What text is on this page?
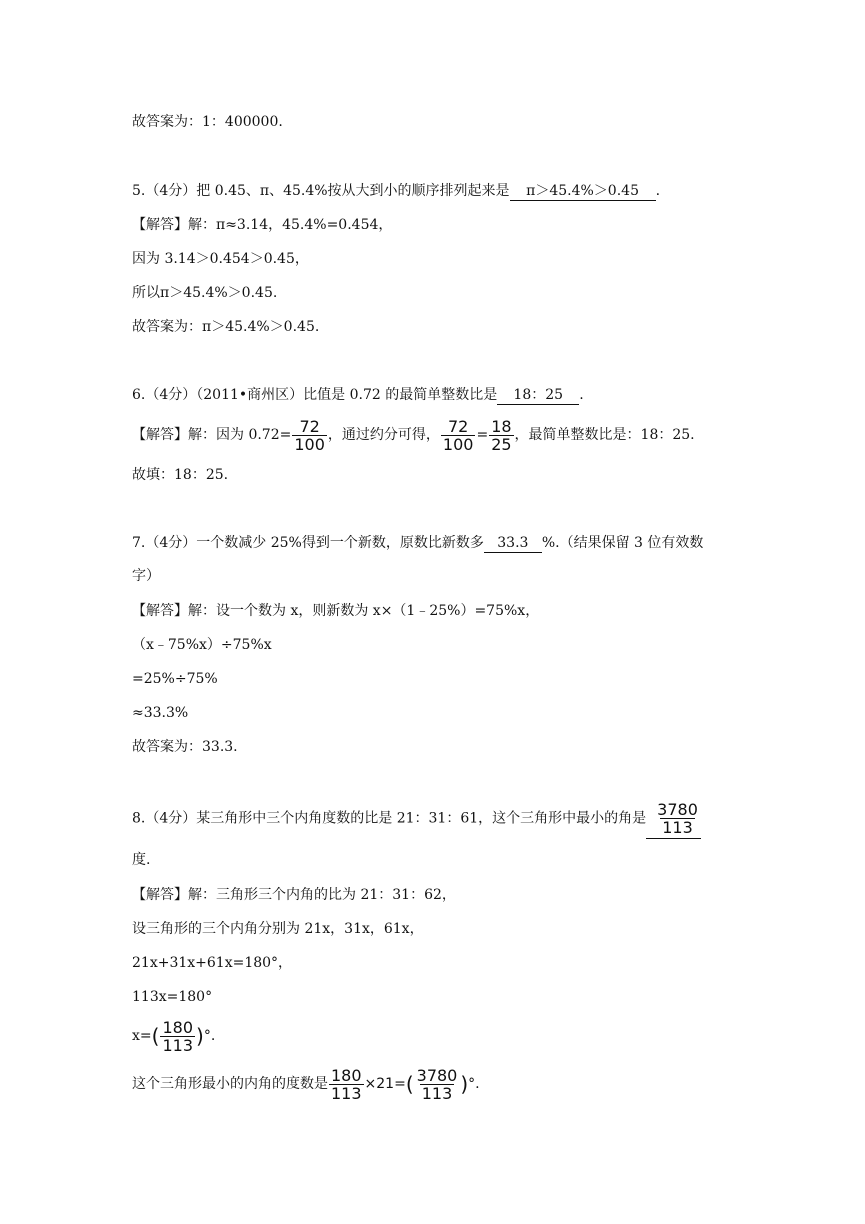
故答案为：1：400000.
5.（4分）把 0.45、π、45.4%按从大到小的顺序排列起来是 π＞45.4%＞0.45 .
【解答】解：π≈3.14，45.4%=0.454，
因为 3.14＞0.454＞0.45，
所以π＞45.4%＞0.45.
故答案为：π＞45.4%＞0.45.
6.（4分）（2011•商州区）比值是 0.72 的最简单整数比是 18：25 .
【解答】解：因为 $0.72= \frac{72}{100}$ ，通过约分可得， $\frac{72}{100} = \frac{18}{25}$ ，最简单整数比是：18：25.
故填：18：25.
7.（4分）一个数减少 25%得到一个新数，原数比新数多 33.3 %.（结果保留 3 位有效数
字）
【解答】解：设一个数为 x，则新数为 x×（1﹣25%）=75%x，
（x﹣75%x）÷75%x
=25%÷75%
≈33.3%
故答案为：33.3.
8.（4分）某三角形中三个内角度数的比是 21：31：61，这个三角形中最小的角是 $\frac{3780}{113}$
度.
【解答】解：三角形三个内角的比为 21：31：62，
设三角形的三个内角分别为 21x，31x，61x，
21x+31x+61x=180°，
113x=180°
$x=( \frac{180}{113}$ )°.
这个三角形最小的内角的度数是 $\frac{180}{113} \times 21=( \frac{3780}{113}$ )°.
